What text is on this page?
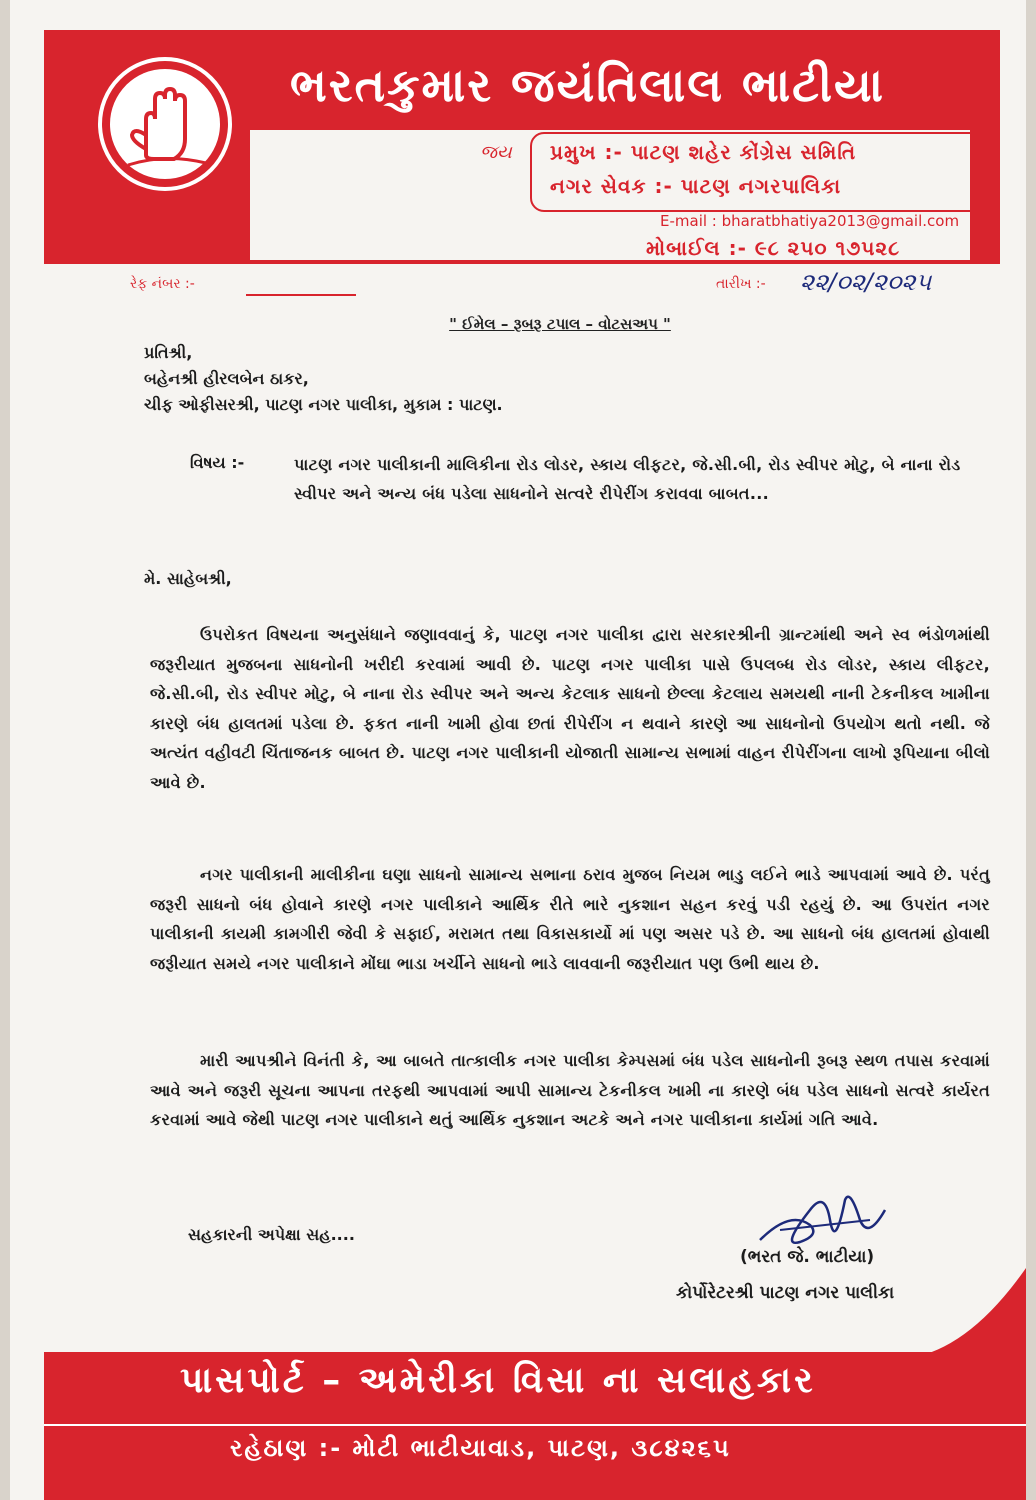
ભરતકુમાર જયંતિલાલ ભાટીયા
જય પ્રમુખ :- પાટણ શહેર કોંગ્રેસ સમિતિ
નગર સેવક :- પાટણ નગરપાલિકા
E-mail : bharatbhatiya2013@gmail.com
મોબાઈલ :- ૯૮ ૨૫૦ ૧૭૫૨૮
રેફ નંબર :-	તારીખ :- ૨૨/૦૨/૨૦૨૫
" ઈમેલ – રૂબરૂ ટપાલ – વોટસઅપ "
પ્રતિશ્રી,
બહેનશ્રી હીરલબેન ઠાકર,
ચીફ ઓફીસરશ્રી, પાટણ નગર પાલીકા, મુકામ : પાટણ.
વિષય :-	પાટણ નગર પાલીકાની માલિકીના રોડ લોડર, સ્કાય લીફટર, જે.સી.બી, રોડ સ્વીપર મોટુ, બે નાના રોડ સ્વીપર અને અન્ય બંધ પડેલા સાધનોને સત્વરે રીપેરીંગ કરાવવા બાબત...
મે. સાહેબશ્રી,
ઉપરોકત વિષયના અનુસંધાને જણાવવાનું કે, પાટણ નગર પાલીકા દ્વારા સરકારશ્રીની ગ્રાન્ટમાંથી અને સ્વ ભંડોળમાંથી જરૂરીયાત મુજબના સાધનોની ખરીદી કરવામાં આવી છે. પાટણ નગર પાલીકા પાસે ઉપલબ્ધ રોડ લોડર, સ્કાય લીફટર, જે.સી.બી, રોડ સ્વીપર મોટુ, બે નાના રોડ સ્વીપર અને અન્ય કેટલાક સાધનો છેલ્લા કેટલાય સમયથી નાની ટેકનીકલ ખામીના કારણે બંધ હાલતમાં પડેલા છે. ફકત નાની ખામી હોવા છતાં રીપેરીંગ ન થવાને કારણે આ સાધનોનો ઉપયોગ થતો નથી. જે અત્યંત વહીવટી ચિંતાજનક બાબત છે. પાટણ નગર પાલીકાની યોજાતી સામાન્ય સભામાં વાહન રીપેરીંગના લાખો રૂપિયાના બીલો આવે છે.
નગર પાલીકાની માલીકીના ઘણા સાધનો સામાન્ય સભાના ઠરાવ મુજબ નિયમ ભાડુ લઈને ભાડે આપવામાં આવે છે. પરંતુ જરૂરી સાધનો બંધ હોવાને કારણે નગર પાલીકાને આર્થિક રીતે ભારે નુકશાન સહન કરવું પડી રહયું છે. આ ઉપરાંત નગર પાલીકાની કાયમી કામગીરી જેવી કે સફાઈ, મરામત તથા વિકાસકાર્યો માં પણ અસર પડે છે. આ સાધનો બંધ હાલતમાં હોવાથી જરૂીયાત સમયે નગર પાલીકાને મોંઘા ભાડા ખર્ચીને સાધનો ભાડે લાવવાની જરૂરીયાત પણ ઉભી થાય છે.
મારી આપશ્રીને વિનંતી કે, આ બાબતે તાત્કાલીક નગર પાલીકા કેમ્પસમાં બંધ પડેલ સાધનોની રૂબરૂ સ્થળ તપાસ કરવામાં આવે અને જરૂરી સૂચના આપના તરફથી આપવામાં આપી સામાન્ય ટેકનીકલ ખામી ના કારણે બંધ પડેલ સાધનો સત્વરે કાર્યરત કરવામાં આવે જેથી પાટણ નગર પાલીકાને થતું આર્થિક નુકશાન અટકે અને નગર પાલીકાના કાર્યમાં ગતિ આવે.
સહકારની અપેક્ષા સહ....
(ભરત જે. ભાટીયા)
કોર્પોરેટરશ્રી પાટણ નગર પાલીકા
પાસપોર્ટ – અમેરીકા વિસા ના સલાહકાર
રહેઠાણ :- મોટી ભાટીયાવાડ, પાટણ, ૩૮૪૨૬૫
